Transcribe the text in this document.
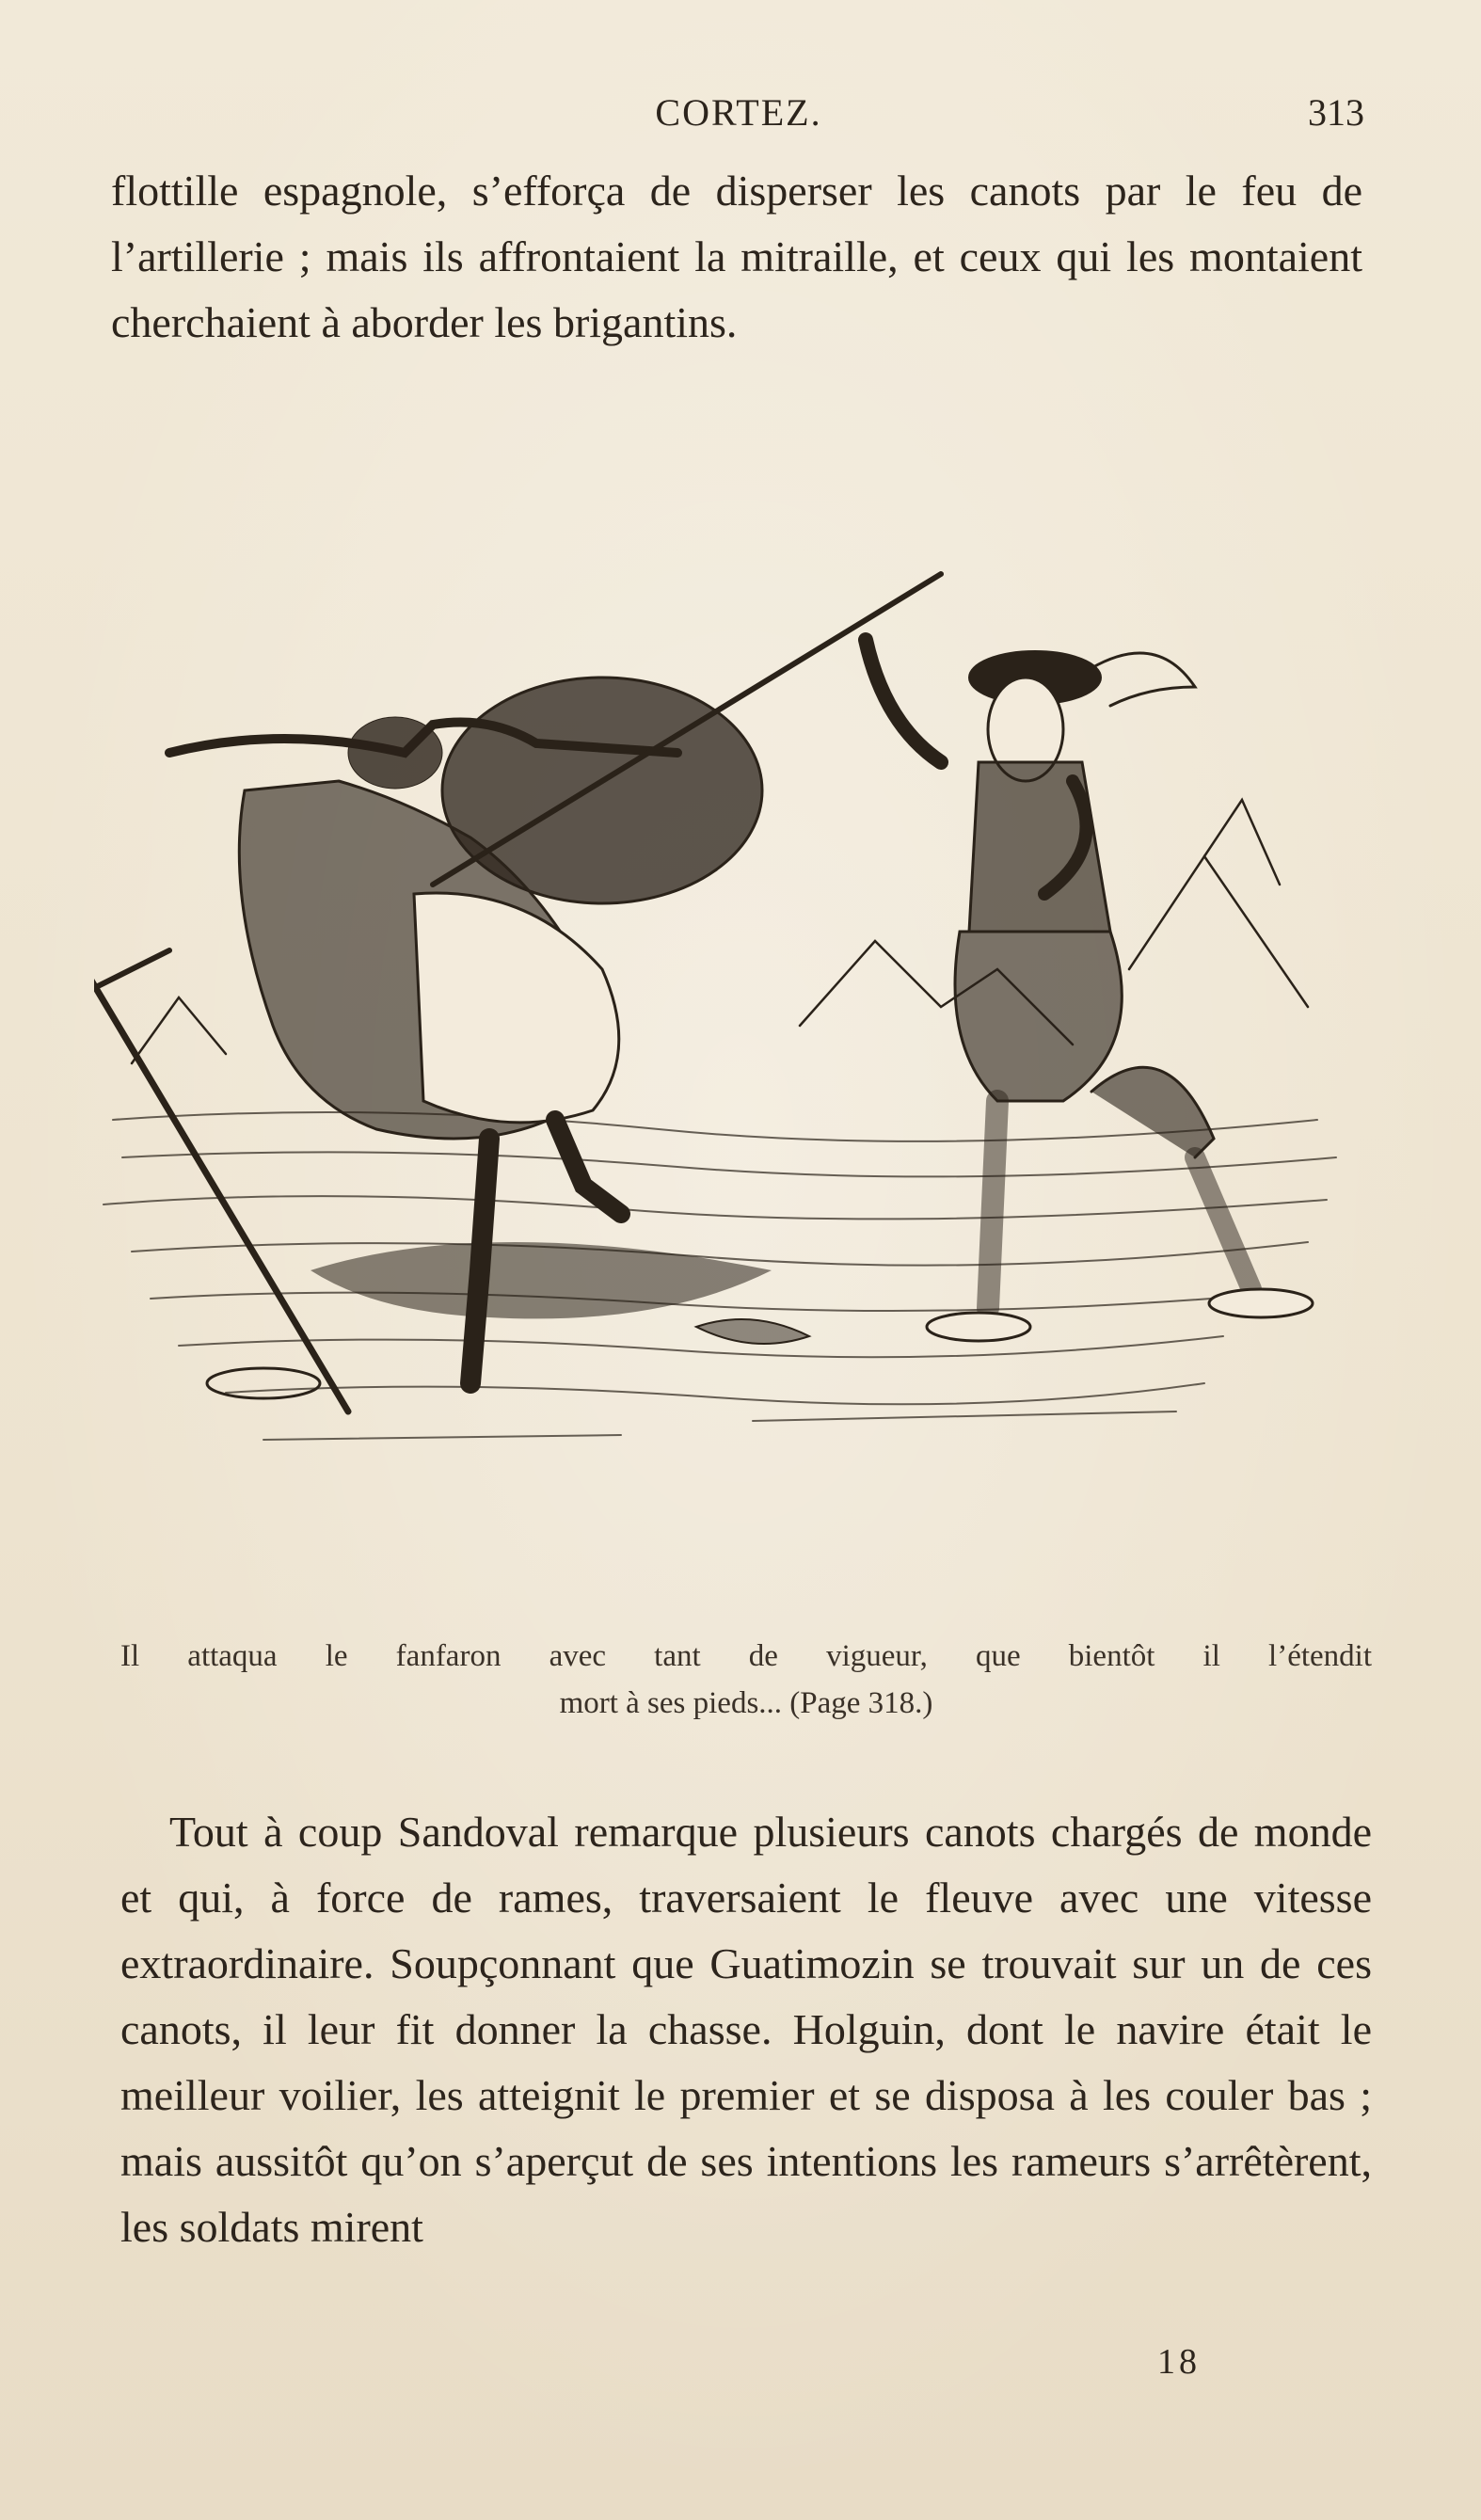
CORTEZ.	313

flottille espagnole, s’efforça de disperser les canots par le feu de l’artillerie ; mais ils affrontaient la mitraille, et ceux qui les montaient cherchaient à aborder les brigantins.

Il attaqua le fanfaron avec tant de vigueur, que bientôt il l’étendit
mort à ses pieds... (Page 318.)

Tout à coup Sandoval remarque plusieurs canots chargés de monde et qui, à force de rames, traversaient le fleuve avec une vitesse extraordinaire. Soupçonnant que Guatimozin se trouvait sur un de ces canots, il leur fit donner la chasse. Holguin, dont le navire était le meilleur voilier, les atteignit le premier et se disposa à les couler bas ; mais aussitôt qu’on s’aperçut de ses intentions les rameurs s’arrêtèrent, les soldats mirent

18
